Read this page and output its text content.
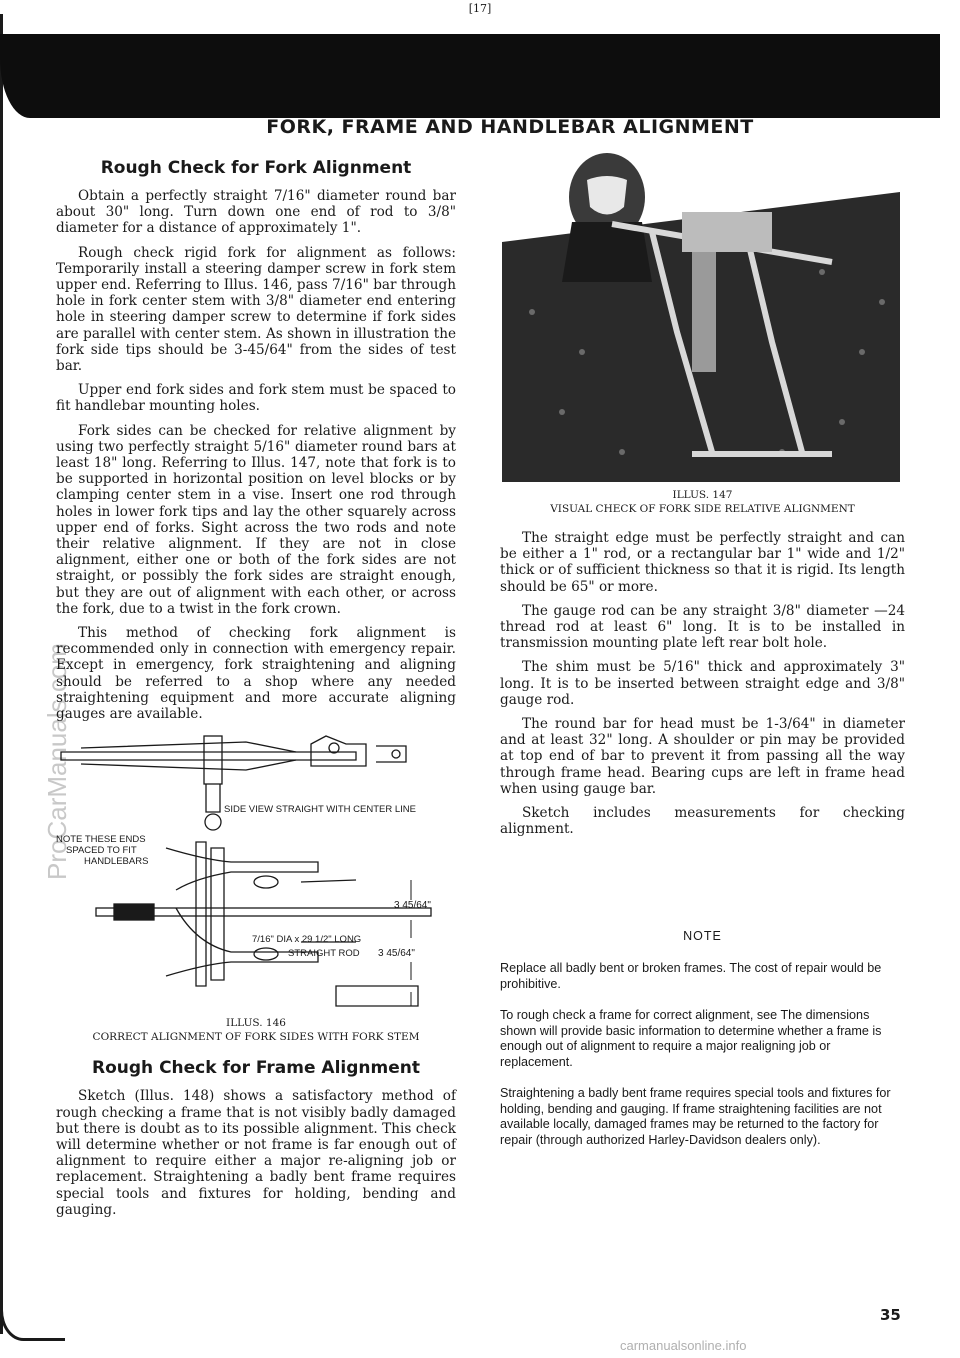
[17]
ProCarManuals.com
FORK, FRAME AND HANDLEBAR ALIGNMENT
Rough Check for Fork Alignment

Obtain a perfectly straight 7/16" diameter round bar about 30" long. Turn down one end of rod to 3/8" diameter for a distance of approximately 1".

Rough check rigid fork for alignment as follows: Temporarily install a steering damper screw in fork stem upper end. Referring to Illus. 146, pass 7/16" bar through hole in fork center stem with 3/8" diameter end entering hole in steering damper screw to determine if fork sides are parallel with center stem. As shown in illustration the fork side tips should be 3-45/64" from the sides of test bar.

Upper end fork sides and fork stem must be spaced to fit handlebar mounting holes.

Fork sides can be checked for relative alignment by using two perfectly straight 5/16" diameter round bars at least 18" long. Referring to Illus. 147, note that fork is to be supported in horizontal position on level blocks or by clamping center stem in a vise. Insert one rod through holes in lower fork tips and lay the other squarely across upper end of forks. Sight across the two rods and note their relative alignment. If they are not in close alignment, either one or both of the fork sides are not straight, or possibly the fork sides are straight enough, but they are out of alignment with each other, or across the fork, due to a twist in the fork crown.

This method of checking fork alignment is recommended only in connection with emergency repair. Except in emergency, fork straightening and aligning should be referred to a shop where any needed straightening equipment and more accurate aligning gauges are available.

SIDE VIEW STRAIGHT WITH CENTER LINE
NOTE THESE ENDS
SPACED TO FIT
HANDLEBARS
3 45/64"
7/16" DIA x 29 1/2" LONG
STRAIGHT ROD 3 45/64"
ILLUS. 146
CORRECT ALIGNMENT OF FORK SIDES WITH FORK STEM
Rough Check for Frame Alignment

Sketch (Illus. 148) shows a satisfactory method of rough checking a frame that is not visibly badly damaged but there is doubt as to its possible alignment. This check will determine whether or not frame is far enough out of alignment to require either a major re-aligning job or replacement. Straightening a badly bent frame requires special tools and fixtures for holding, bending and gauging.

ILLUS. 147
VISUAL CHECK OF FORK SIDE RELATIVE ALIGNMENT

The straight edge must be perfectly straight and can be either a 1" rod, or a rectangular bar 1" wide and 1/2" thick or of sufficient thickness so that it is rigid. Its length should be 65" or more.

The gauge rod can be any straight 3/8" diameter —24 thread rod at least 6" long. It is to be installed in transmission mounting plate left rear bolt hole.

The shim must be 5/16" thick and approximately 3" long. It is to be inserted between straight edge and 3/8" gauge rod.

The round bar for head must be 1-3/64" in diameter and at least 32" long. A shoulder or pin may be provided at top end of bar to prevent it from passing all the way through frame head. Bearing cups are left in frame head when using gauge bar.

Sketch includes measurements for checking alignment.

NOTE

Replace all badly bent or broken frames. The cost of repair would be prohibitive.

To rough check a frame for correct alignment, see The dimensions shown will provide basic information to determine whether a frame is enough out of alignment to require a major realigning job or replacement.

Straightening a badly bent frame requires special tools and fixtures for holding, bending and gauging. If frame straightening facilities are not available locally, damaged frames may be returned to the factory for repair (through authorized Harley-Davidson dealers only).

35
carmanualsonline.info
